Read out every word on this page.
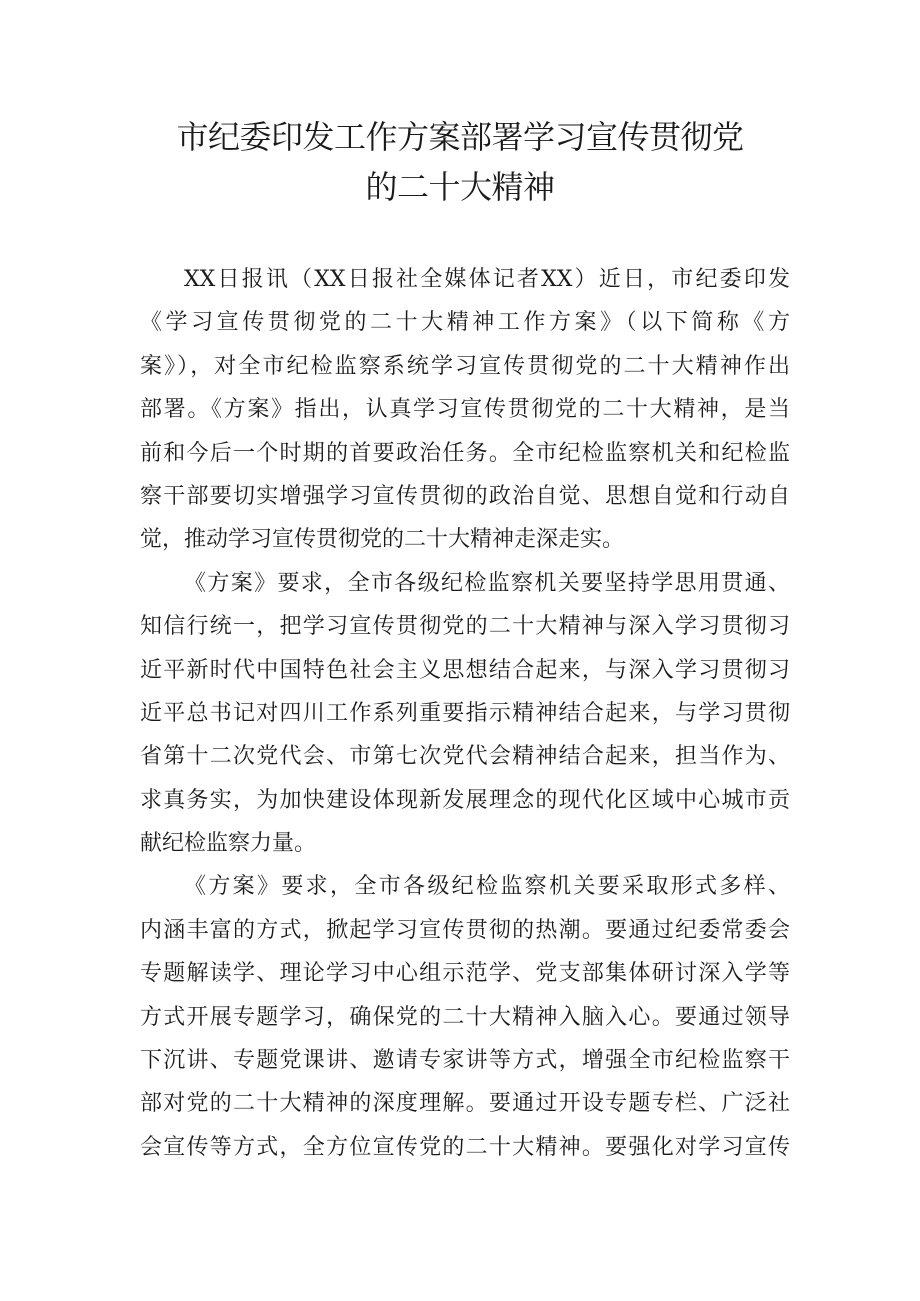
市纪委印发工作方案部署学习宣传贯彻党
的二十大精神
XX日报讯（XX日报社全媒体记者XX）近日，市纪委印发
《学习宣传贯彻党的二十大精神工作方案》（以下简称《方
案》），对全市纪检监察系统学习宣传贯彻党的二十大精神作出
部署。《方案》指出，认真学习宣传贯彻党的二十大精神，是当
前和今后一个时期的首要政治任务。全市纪检监察机关和纪检监
察干部要切实增强学习宣传贯彻的政治自觉、思想自觉和行动自
觉，推动学习宣传贯彻党的二十大精神走深走实。
《方案》要求，全市各级纪检监察机关要坚持学思用贯通、
知信行统一，把学习宣传贯彻党的二十大精神与深入学习贯彻习
近平新时代中国特色社会主义思想结合起来，与深入学习贯彻习
近平总书记对四川工作系列重要指示精神结合起来，与学习贯彻
省第十二次党代会、市第七次党代会精神结合起来，担当作为、
求真务实，为加快建设体现新发展理念的现代化区域中心城市贡
献纪检监察力量。
《方案》要求，全市各级纪检监察机关要采取形式多样、
内涵丰富的方式，掀起学习宣传贯彻的热潮。要通过纪委常委会
专题解读学、理论学习中心组示范学、党支部集体研讨深入学等
方式开展专题学习，确保党的二十大精神入脑入心。要通过领导
下沉讲、专题党课讲、邀请专家讲等方式，增强全市纪检监察干
部对党的二十大精神的深度理解。要通过开设专题专栏、广泛社
会宣传等方式，全方位宣传党的二十大精神。要强化对学习宣传
